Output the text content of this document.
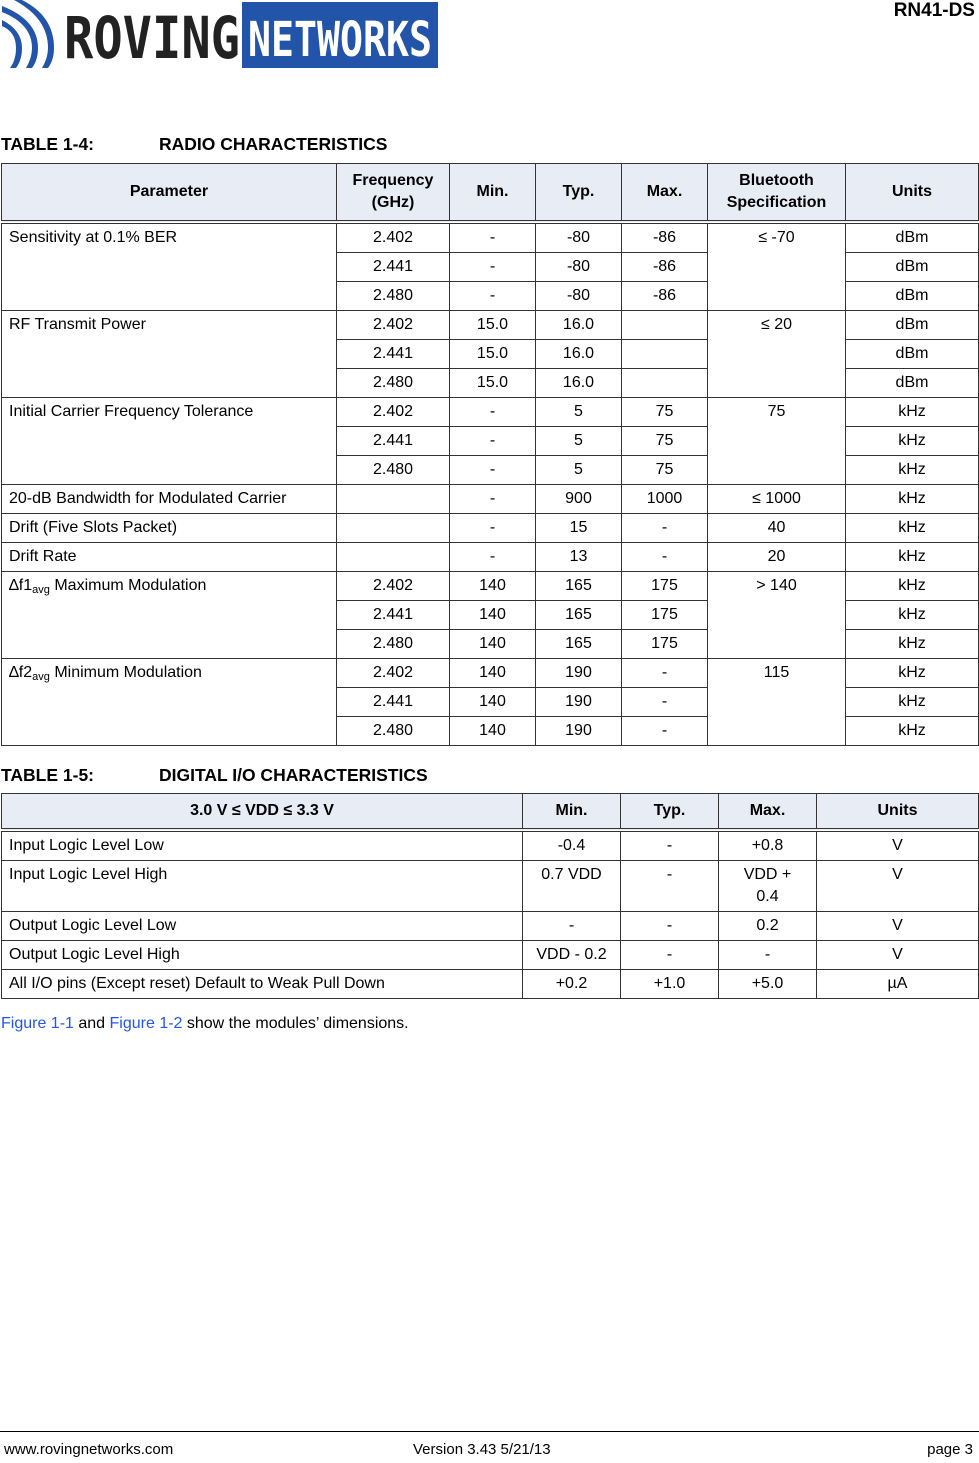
ROVING NETWORKS
RN41-DS
TABLE 1-4:	RADIO CHARACTERISTICS
Parameter	Frequency (GHz)	Min.	Typ.	Max.	Bluetooth Specification	Units
Sensitivity at 0.1% BER	2.402	-	-80	-86	≤ -70	dBm
	2.441	-	-80	-86		dBm
	2.480	-	-80	-86		dBm
RF Transmit Power	2.402	15.0	16.0		≤ 20	dBm
	2.441	15.0	16.0			dBm
	2.480	15.0	16.0			dBm
Initial Carrier Frequency Tolerance	2.402	-	5	75	75	kHz
	2.441	-	5	75		kHz
	2.480	-	5	75		kHz
20-dB Bandwidth for Modulated Carrier		-	900	1000	≤ 1000	kHz
Drift (Five Slots Packet)		-	15	-	40	kHz
Drift Rate		-	13	-	20	kHz
$\Delta f1_{avg}$ Maximum Modulation	2.402	140	165	175	> 140	kHz
	2.441	140	165	175		kHz
	2.480	140	165	175		kHz
$\Delta f2_{avg}$ Minimum Modulation	2.402	140	190	-	115	kHz
	2.441	140	190	-		kHz
	2.480	140	190	-		kHz
TABLE 1-5:	DIGITAL I/O CHARACTERISTICS
3.0 V ≤ VDD ≤ 3.3 V	Min.	Typ.	Max.	Units
Input Logic Level Low	-0.4	-	+0.8	V
Input Logic Level High	0.7 VDD	-	VDD + 0.4	V
Output Logic Level Low	-	-	0.2	V
Output Logic Level High	VDD - 0.2	-	-	V
All I/O pins (Except reset) Default to Weak Pull Down	+0.2	+1.0	+5.0	µA
Figure 1-1 and Figure 1-2 show the modules’ dimensions.
www.rovingnetworks.com	Version 3.43 5/21/13	page 3
